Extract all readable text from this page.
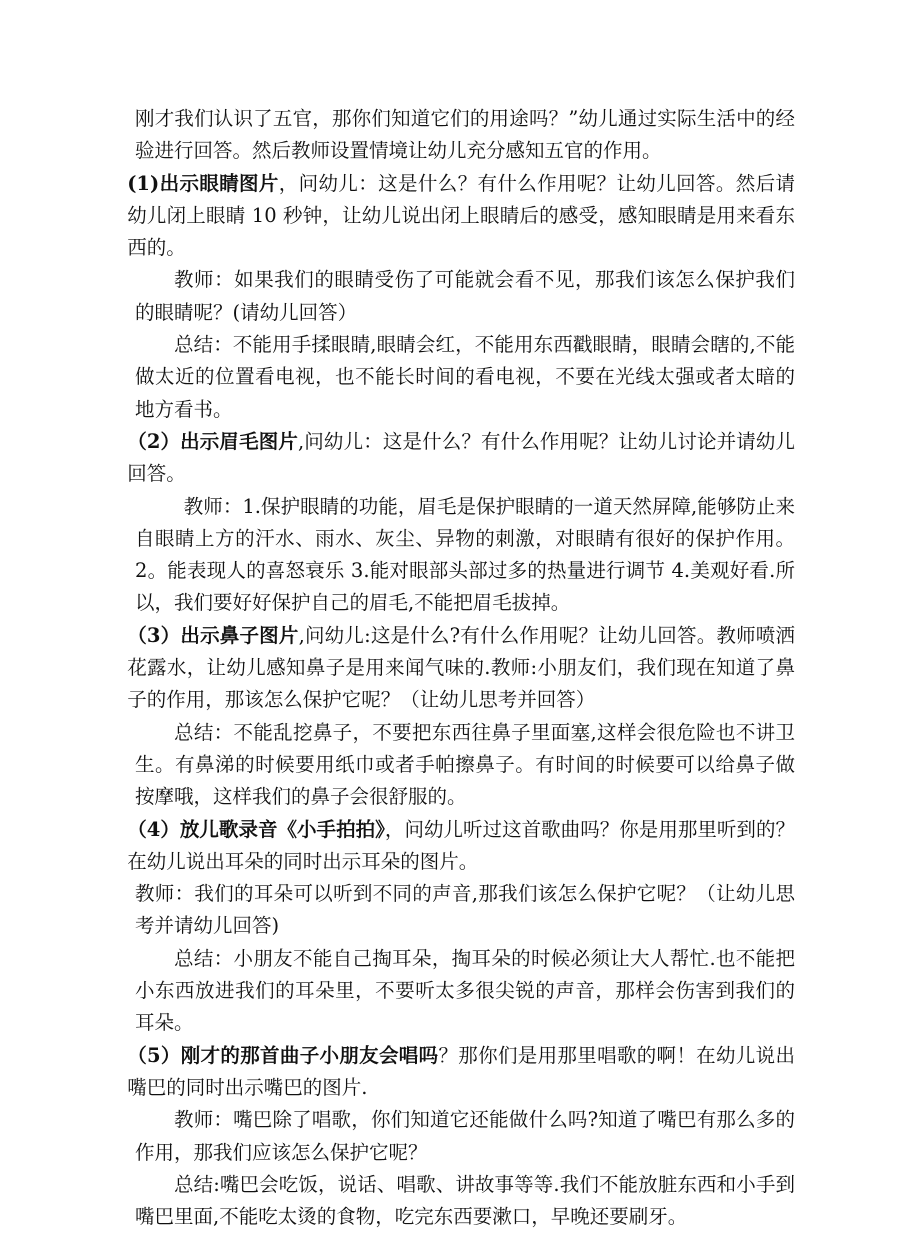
刚才我们认识了五官，那你们知道它们的用途吗？”幼儿通过实际生活中的经验进行回答。然后教师设置情境让幼儿充分感知五官的作用。

(1)出示眼睛图片，问幼儿：这是什么？有什么作用呢？让幼儿回答。然后请幼儿闭上眼睛 10 秒钟，让幼儿说出闭上眼睛后的感受，感知眼睛是用来看东西的。

教师：如果我们的眼睛受伤了可能就会看不见，那我们该怎么保护我们的眼睛呢？(请幼儿回答）

总结：不能用手揉眼睛,眼睛会红，不能用东西戳眼睛，眼睛会瞎的,不能做太近的位置看电视，也不能长时间的看电视，不要在光线太强或者太暗的地方看书。

（2）出示眉毛图片,问幼儿：这是什么？有什么作用呢？让幼儿讨论并请幼儿回答。

教师：1.保护眼睛的功能，眉毛是保护眼睛的一道天然屏障,能够防止来自眼睛上方的汗水、雨水、灰尘、异物的刺激，对眼睛有很好的保护作用。 2。能表现人的喜怒衰乐 3.能对眼部头部过多的热量进行调节 4.美观好看.所以，我们要好好保护自己的眉毛,不能把眉毛拔掉。

（3）出示鼻子图片,问幼儿:这是什么?有什么作用呢？让幼儿回答。教师喷洒花露水，让幼儿感知鼻子是用来闻气味的.教师:小朋友们，我们现在知道了鼻子的作用，那该怎么保护它呢？（让幼儿思考并回答）

总结：不能乱挖鼻子，不要把东西往鼻子里面塞,这样会很危险也不讲卫生。有鼻涕的时候要用纸巾或者手帕擦鼻子。有时间的时候要可以给鼻子做按摩哦，这样我们的鼻子会很舒服的。

（4）放儿歌录音《小手拍拍》，问幼儿听过这首歌曲吗？你是用那里听到的？在幼儿说出耳朵的同时出示耳朵的图片。

教师：我们的耳朵可以听到不同的声音,那我们该怎么保护它呢？（让幼儿思考并请幼儿回答)

总结：小朋友不能自己掏耳朵，掏耳朵的时候必须让大人帮忙.也不能把小东西放进我们的耳朵里，不要听太多很尖锐的声音，那样会伤害到我们的耳朵。

（5）刚才的那首曲子小朋友会唱吗？那你们是用那里唱歌的啊！在幼儿说出嘴巴的同时出示嘴巴的图片.

教师：嘴巴除了唱歌，你们知道它还能做什么吗?知道了嘴巴有那么多的作用，那我们应该怎么保护它呢？

总结:嘴巴会吃饭，说话、唱歌、讲故事等等.我们不能放脏东西和小手到嘴巴里面,不能吃太烫的食物，吃完东西要漱口，早晚还要刷牙。
